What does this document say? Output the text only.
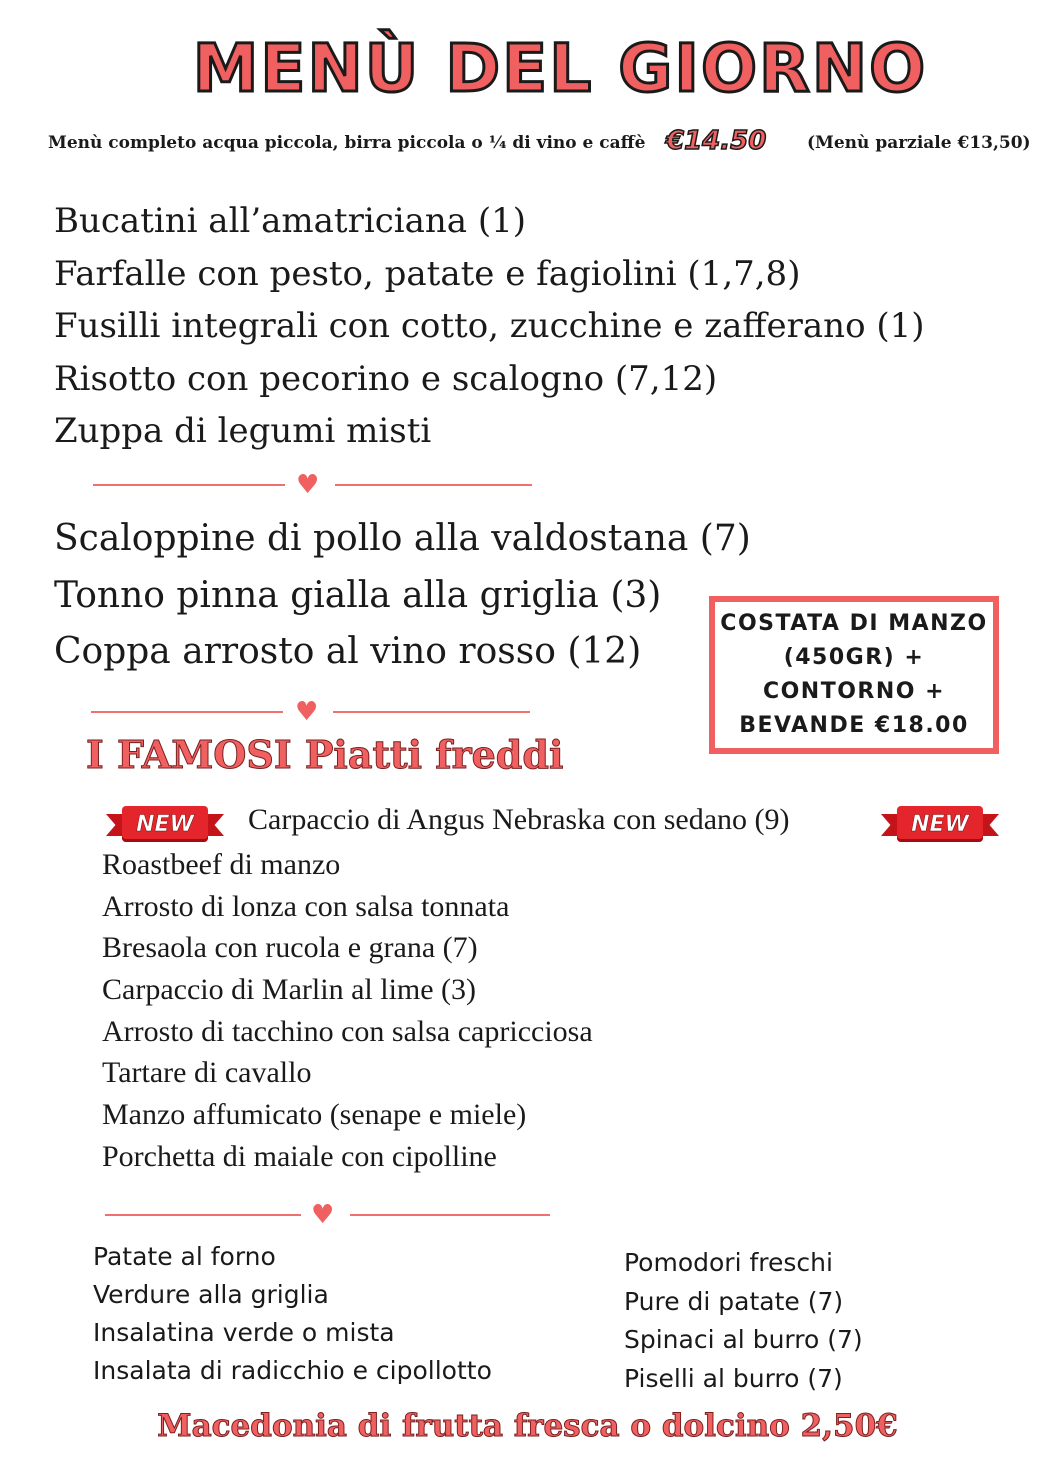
MENÙ DEL GIORNO
Menù completo acqua piccola, birra piccola o ¼ di vino e caffè €14.50 (Menù parziale €13,50)
Bucatini all’amatriciana (1)
Farfalle con pesto, patate e fagiolini (1,7,8)
Fusilli integrali con cotto, zucchine e zafferano (1)
Risotto con pecorino e scalogno (7,12)
Zuppa di legumi misti
♥
Scaloppine di pollo alla valdostana (7)
Tonno pinna gialla alla griglia (3)
Coppa arrosto al vino rosso (12)
COSTATA DI MANZO (450GR) + CONTORNO + BEVANDE €18.00
♥
I FAMOSI Piatti freddi
NEW Carpaccio di Angus Nebraska con sedano (9)	NEW
Roastbeef di manzo
Arrosto di lonza con salsa tonnata
Bresaola con rucola e grana (7)
Carpaccio di Marlin al lime (3)
Arrosto di tacchino con salsa capricciosa
Tartare di cavallo
Manzo affumicato (senape e miele)
Porchetta di maiale con cipolline
♥
Patate al forno
Verdure alla griglia
Insalatina verde o mista
Insalata di radicchio e cipollotto
Pomodori freschi
Pure di patate (7)
Spinaci al burro (7)
Piselli al burro (7)
Macedonia di frutta fresca o dolcino 2,50€
